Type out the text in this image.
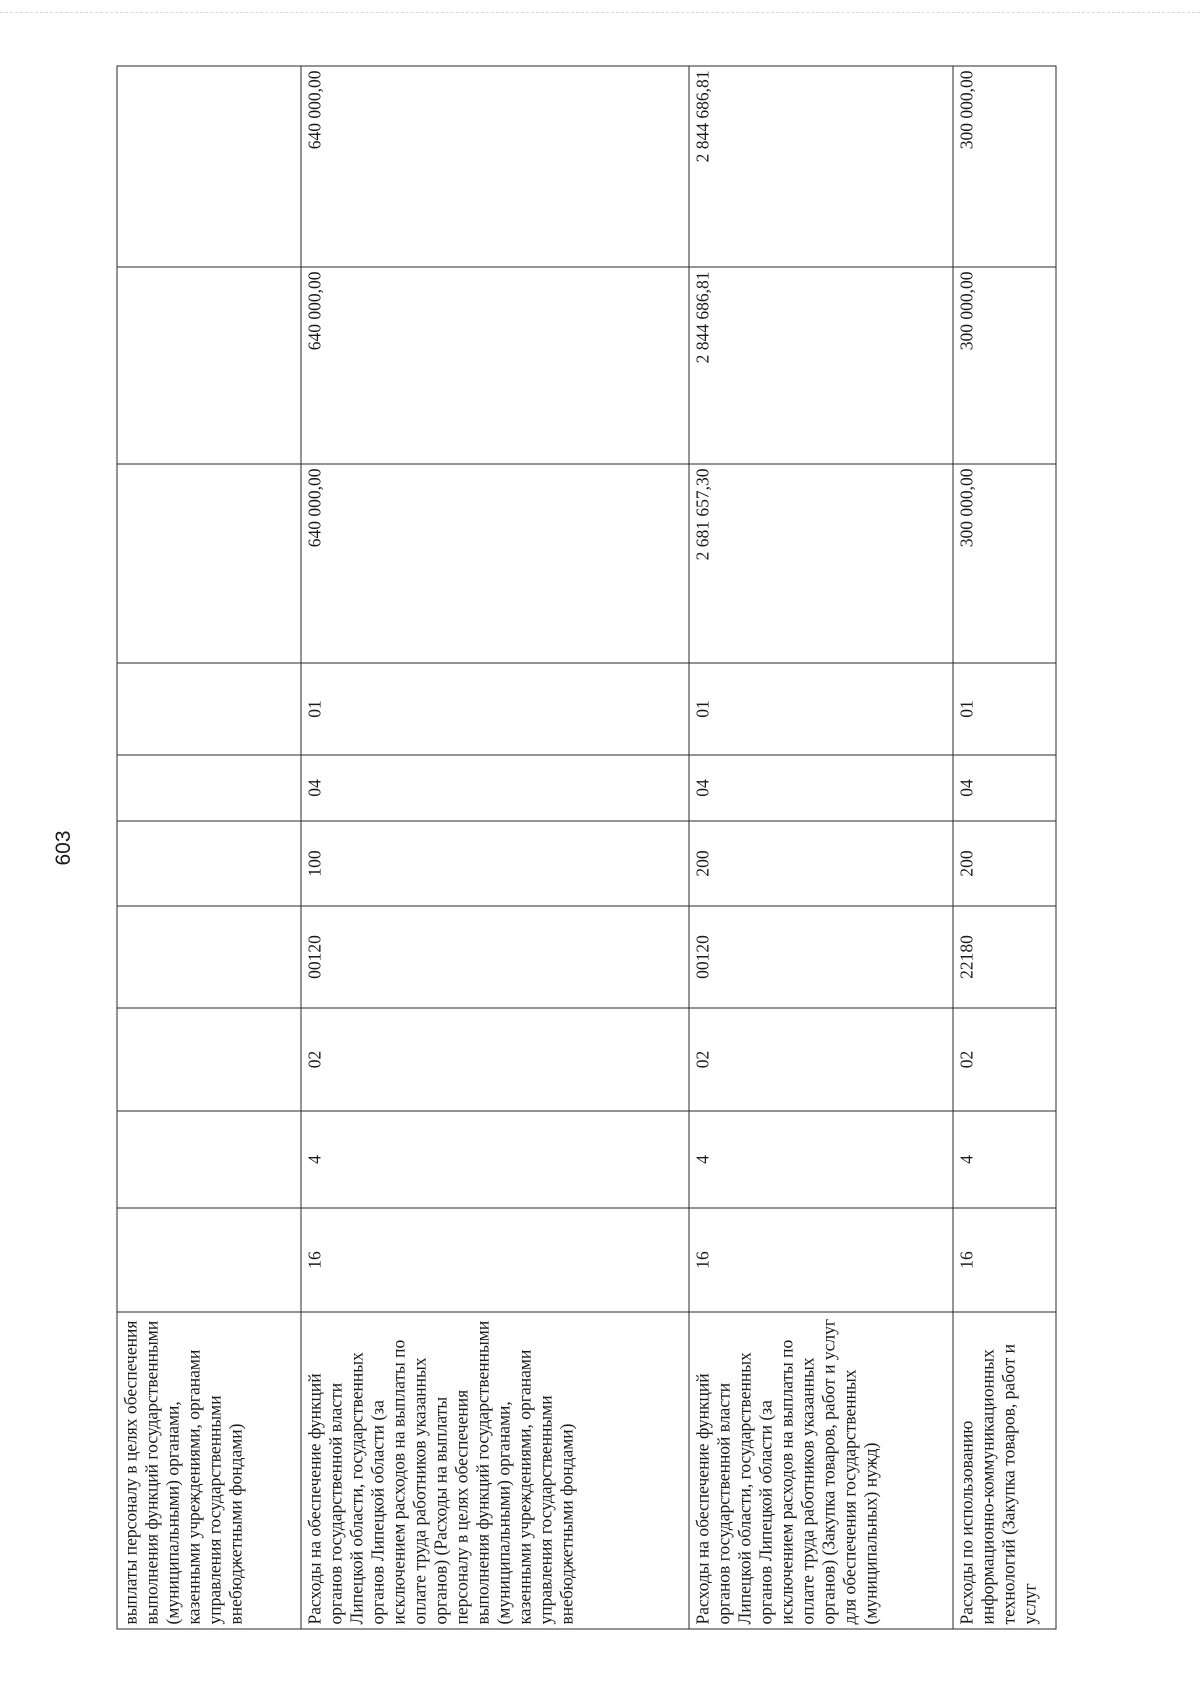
603
выплаты персоналу в целях обеспечения выполнения функций государственными (муниципальными) органами, казенными учреждениями, органами управления государственными внебюджетными фондами)										
Расходы на обеспечение функций органов государственной власти Липецкой области, государственных органов Липецкой области (за исключением расходов на выплаты по оплате труда работников указанных органов) (Расходы на выплаты персоналу в целях обеспечения выполнения функций государственными (муниципальными) органами, казенными учреждениями, органами управления государственными внебюджетными фондами)	16	4	02	00120	100	04	01	640 000,00	640 000,00	640 000,00
Расходы на обеспечение функций органов государственной власти Липецкой области, государственных органов Липецкой области (за исключением расходов на выплаты по оплате труда работников указанных органов) (Закупка товаров, работ и услуг для обеспечения государственных (муниципальных) нужд)	16	4	02	00120	200	04	01	2 681 657,30	2 844 686,81	2 844 686,81
Расходы по использованию информационно-коммуникационных технологий (Закупка товаров, работ и услуг	16	4	02	22180	200	04	01	300 000,00	300 000,00	300 000,00
